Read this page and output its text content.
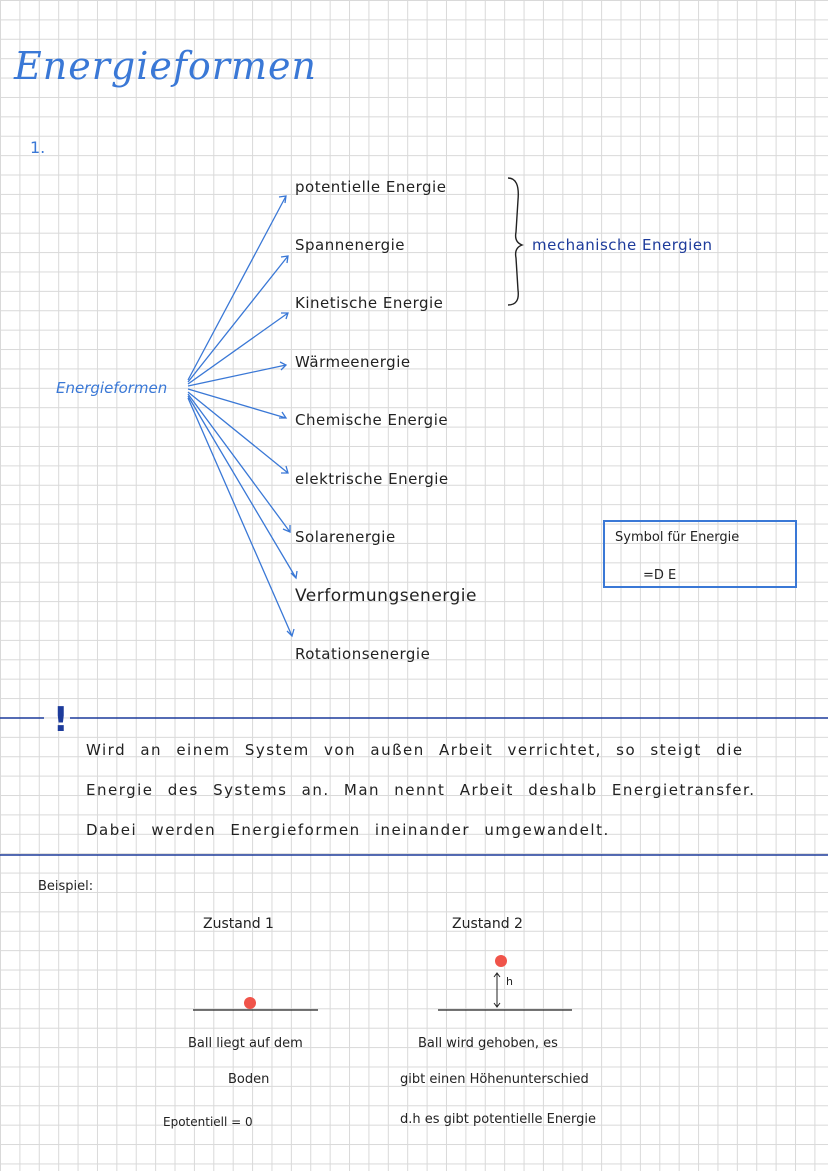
Energieformen
1.
Energieformen
potentielle Energie
Spannenergie
Kinetische Energie
Wärmeenergie
Chemische Energie
elektrische Energie
Solarenergie
Verformungsenergie
Rotationsenergie
mechanische Energien
Symbol für Energie
=D E
!
Wird an einem System von außen Arbeit verrichtet, so steigt die
Energie des Systems an. Man nennt Arbeit deshalb Energietransfer.
Dabei werden Energieformen ineinander umgewandelt.
Beispiel:
Zustand 1	Zustand 2
h
Ball liegt auf dem
Boden
Epotentiell = 0
Ball wird gehoben, es
gibt einen Höhenunterschied
d.h es gibt potentielle Energie
